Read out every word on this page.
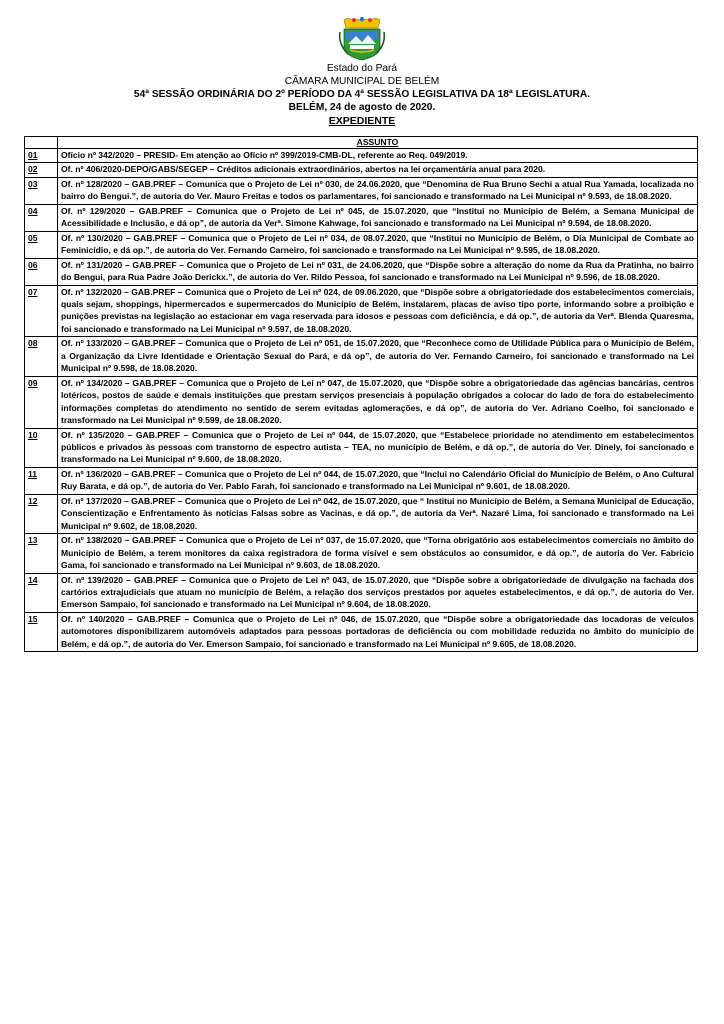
Estado do Pará
CÂMARA MUNICIPAL DE BELÉM
54ª SESSÃO ORDINÁRIA DO 2º PERÍODO DA 4ª SESSÃO LEGISLATIVA DA 18ª LEGISLATURA.
BELÉM, 24 de agosto de 2020.
EXPEDIENTE
	ASSUNTO
01	Ofício nº 342/2020 – PRESID- Em atenção ao Ofício nº 399/2019-CMB-DL, referente ao Req. 049/2019.
02	Of. nº 406/2020-DEPO/GABS/SEGEP – Créditos adicionais extraordinários, abertos na lei orçamentária anual para 2020.
03	Of. nº 128/2020 – GAB.PREF – Comunica que o Projeto de Lei nº 030, de 24.06.2020, que “Denomina de Rua Bruno Sechi a atual Rua Yamada, localizada no bairro do Bengui.”, de autoria do Ver. Mauro Freitas e todos os parlamentares, foi sancionado e transformado na Lei Municipal nº 9.593, de 18.08.2020.
04	Of. nº 129/2020 – GAB.PREF – Comunica que o Projeto de Lei nº 045, de 15.07.2020, que “Institui no Município de Belém, a Semana Municipal de Acessibilidade e Inclusão, e dá op”, de autoria da Verª. Simone Kahwage, foi sancionado e transformado na Lei Municipal nº 9.594, de 18.08.2020.
05	Of. nº 130/2020 – GAB.PREF – Comunica que o Projeto de Lei nº 034, de 08.07.2020, que “Institui no Município de Belém, o Dia Municipal de Combate ao Feminicídio, e dá op.”, de autoria do Ver. Fernando Carneiro, foi sancionado e transformado na Lei Municipal nº 9.595, de 18.08.2020.
06	Of. nº 131/2020 – GAB.PREF – Comunica que o Projeto de Lei nº 031, de 24.06.2020, que “Dispõe sobre a alteração do nome da Rua da Pratinha, no bairro do Bengui, para Rua Padre João Derickx.”, de autoria do Ver. Rildo Pessoa, foi sancionado e transformado na Lei Municipal nº 9.596, de 18.08.2020.
07	Of. nº 132/2020 – GAB.PREF – Comunica que o Projeto de Lei nº 024, de 09.06.2020, que “Dispõe sobre a obrigatoriedade dos estabelecimentos comerciais, quais sejam, shoppings, hipermercados e supermercados do Município de Belém, instalarem, placas de aviso tipo porte, informando sobre a proibição e punições previstas na legislação ao estacionar em vaga reservada para idosos e pessoas com deficiência, e dá op.”, de autoria da Verª. Blenda Quaresma, foi sancionado e transformado na Lei Municipal nº 9.597, de 18.08.2020.
08	Of. nº 133/2020 – GAB.PREF – Comunica que o Projeto de Lei nº 051, de 15.07.2020, que “Reconhece como de Utilidade Pública para o Município de Belém, a Organização da Livre Identidade e Orientação Sexual do Pará, e dá op”, de autoria do Ver. Fernando Carneiro, foi sancionado e transformado na Lei Municipal nº 9.598, de 18.08.2020.
09	Of. nº 134/2020 – GAB.PREF – Comunica que o Projeto de Lei nº 047, de 15.07.2020, que “Dispõe sobre a obrigatoriedade das agências bancárias, centros lotéricos, postos de saúde e demais instituições que prestam serviços presenciais à população obrigados a colocar do lado de fora do estabelecimento informações completas do atendimento no sentido de serem evitadas aglomerações, e dá op”, de autoria do Ver. Adriano Coelho, foi sancionado e transformado na Lei Municipal nº 9.599, de 18.08.2020.
10	Of. nº 135/2020 – GAB.PREF – Comunica que o Projeto de Lei nº 044, de 15.07.2020, que “Estabelece prioridade no atendimento em estabelecimentos públicos e privados às pessoas com transtorno de espectro autista – TEA, no município de Belém, e dá op.”, de autoria do Ver. Dinely, foi sancionado e transformado na Lei Municipal nº 9.600, de 18.08.2020.
11	Of. nº 136/2020 – GAB.PREF – Comunica que o Projeto de Lei nº 044, de 15.07.2020, que “Inclui no Calendário Oficial do Município de Belém, o Ano Cultural Ruy Barata, e dá op.”, de autoria do Ver. Pablo Farah, foi sancionado e transformado na Lei Municipal nº 9.601, de 18.08.2020.
12	Of. nº 137/2020 – GAB.PREF – Comunica que o Projeto de Lei nº 042, de 15.07.2020, que “ Institui no Município de Belém, a Semana Municipal de Educação, Conscientização e Enfrentamento às notícias Falsas sobre as Vacinas, e dá op.”, de autoria da Verª. Nazaré Lima, foi sancionado e transformado na Lei Municipal nº 9.602, de 18.08.2020.
13	Of. nº 138/2020 – GAB.PREF – Comunica que o Projeto de Lei nº 037, de 15.07.2020, que “Torna obrigatório aos estabelecimentos comerciais no âmbito do Município de Belém, a terem monitores da caixa registradora de forma visível e sem obstáculos ao consumidor, e dá op.”, de autoria do Ver. Fabrício Gama, foi sancionado e transformado na Lei Municipal nº 9.603, de 18.08.2020.
14	Of. nº 139/2020 – GAB.PREF – Comunica que o Projeto de Lei nº 043, de 15.07.2020, que “Dispõe sobre a obrigatoriedade de divulgação na fachada dos cartórios extrajudiciais que atuam no município de Belém, a relação dos serviços prestados por aqueles estabelecimentos, e dá op.”, de autoria do Ver. Emerson Sampaio, foi sancionado e transformado na Lei Municipal nº 9.604, de 18.08.2020.
15	Of. nº 140/2020 – GAB.PREF – Comunica que o Projeto de Lei nº 046, de 15.07.2020, que “Dispõe sobre a obrigatoriedade das locadoras de veículos automotores disponibilizarem automóveis adaptados para pessoas portadoras de deficiência ou com mobilidade reduzida no âmbito do município de Belém, e dá op.”, de autoria do Ver. Emerson Sampaio, foi sancionado e transformado na Lei Municipal nº 9.605, de 18.08.2020.
